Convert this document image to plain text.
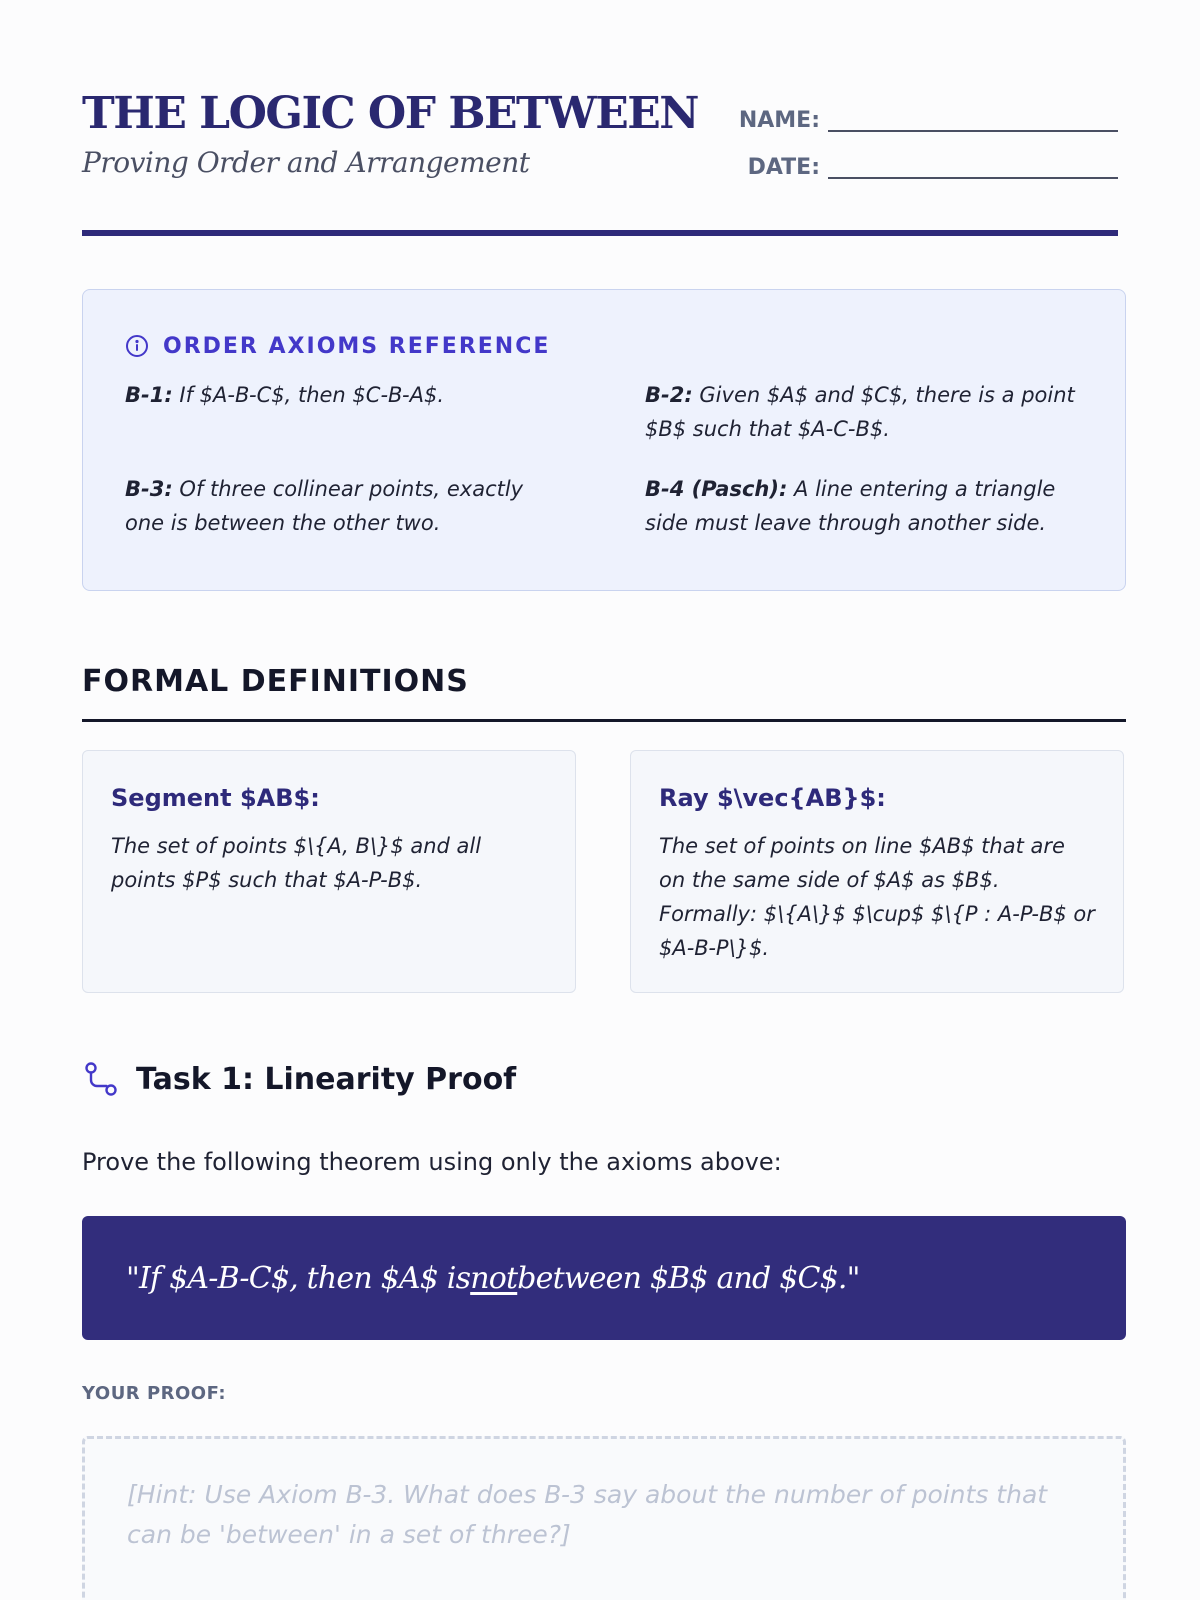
THE LOGIC OF BETWEEN
Proving Order and Arrangement
NAME:
DATE:
ORDER AXIOMS REFERENCE
B-1: If $A-B-C$, then $C-B-A$.	B-2: Given $A$ and $C$, there is a point $B$ such that $A-C-B$.
B-3: Of three collinear points, exactly one is between the other two.
B-4 (Pasch): A line entering a triangle side must leave through another side.
FORMAL DEFINITIONS
Segment $AB$:
The set of points $\{A, B\}$ and all points $P$ such that $A-P-B$.
Ray $\vec{AB}$:
The set of points on line $AB$ that are on the same side of $A$ as $B$. Formally: $\{A\}$ $\cup$ $\{P : A-P-B$ or $A-B-P\}$.
Task 1: Linearity Proof

Prove the following theorem using only the axioms above:

"If $A-B-C$, then $A$ is not between $B$ and $C$."
YOUR PROOF:

[Hint: Use Axiom B-3. What does B-3 say about the number of points that can be 'between' in a set of three?]
